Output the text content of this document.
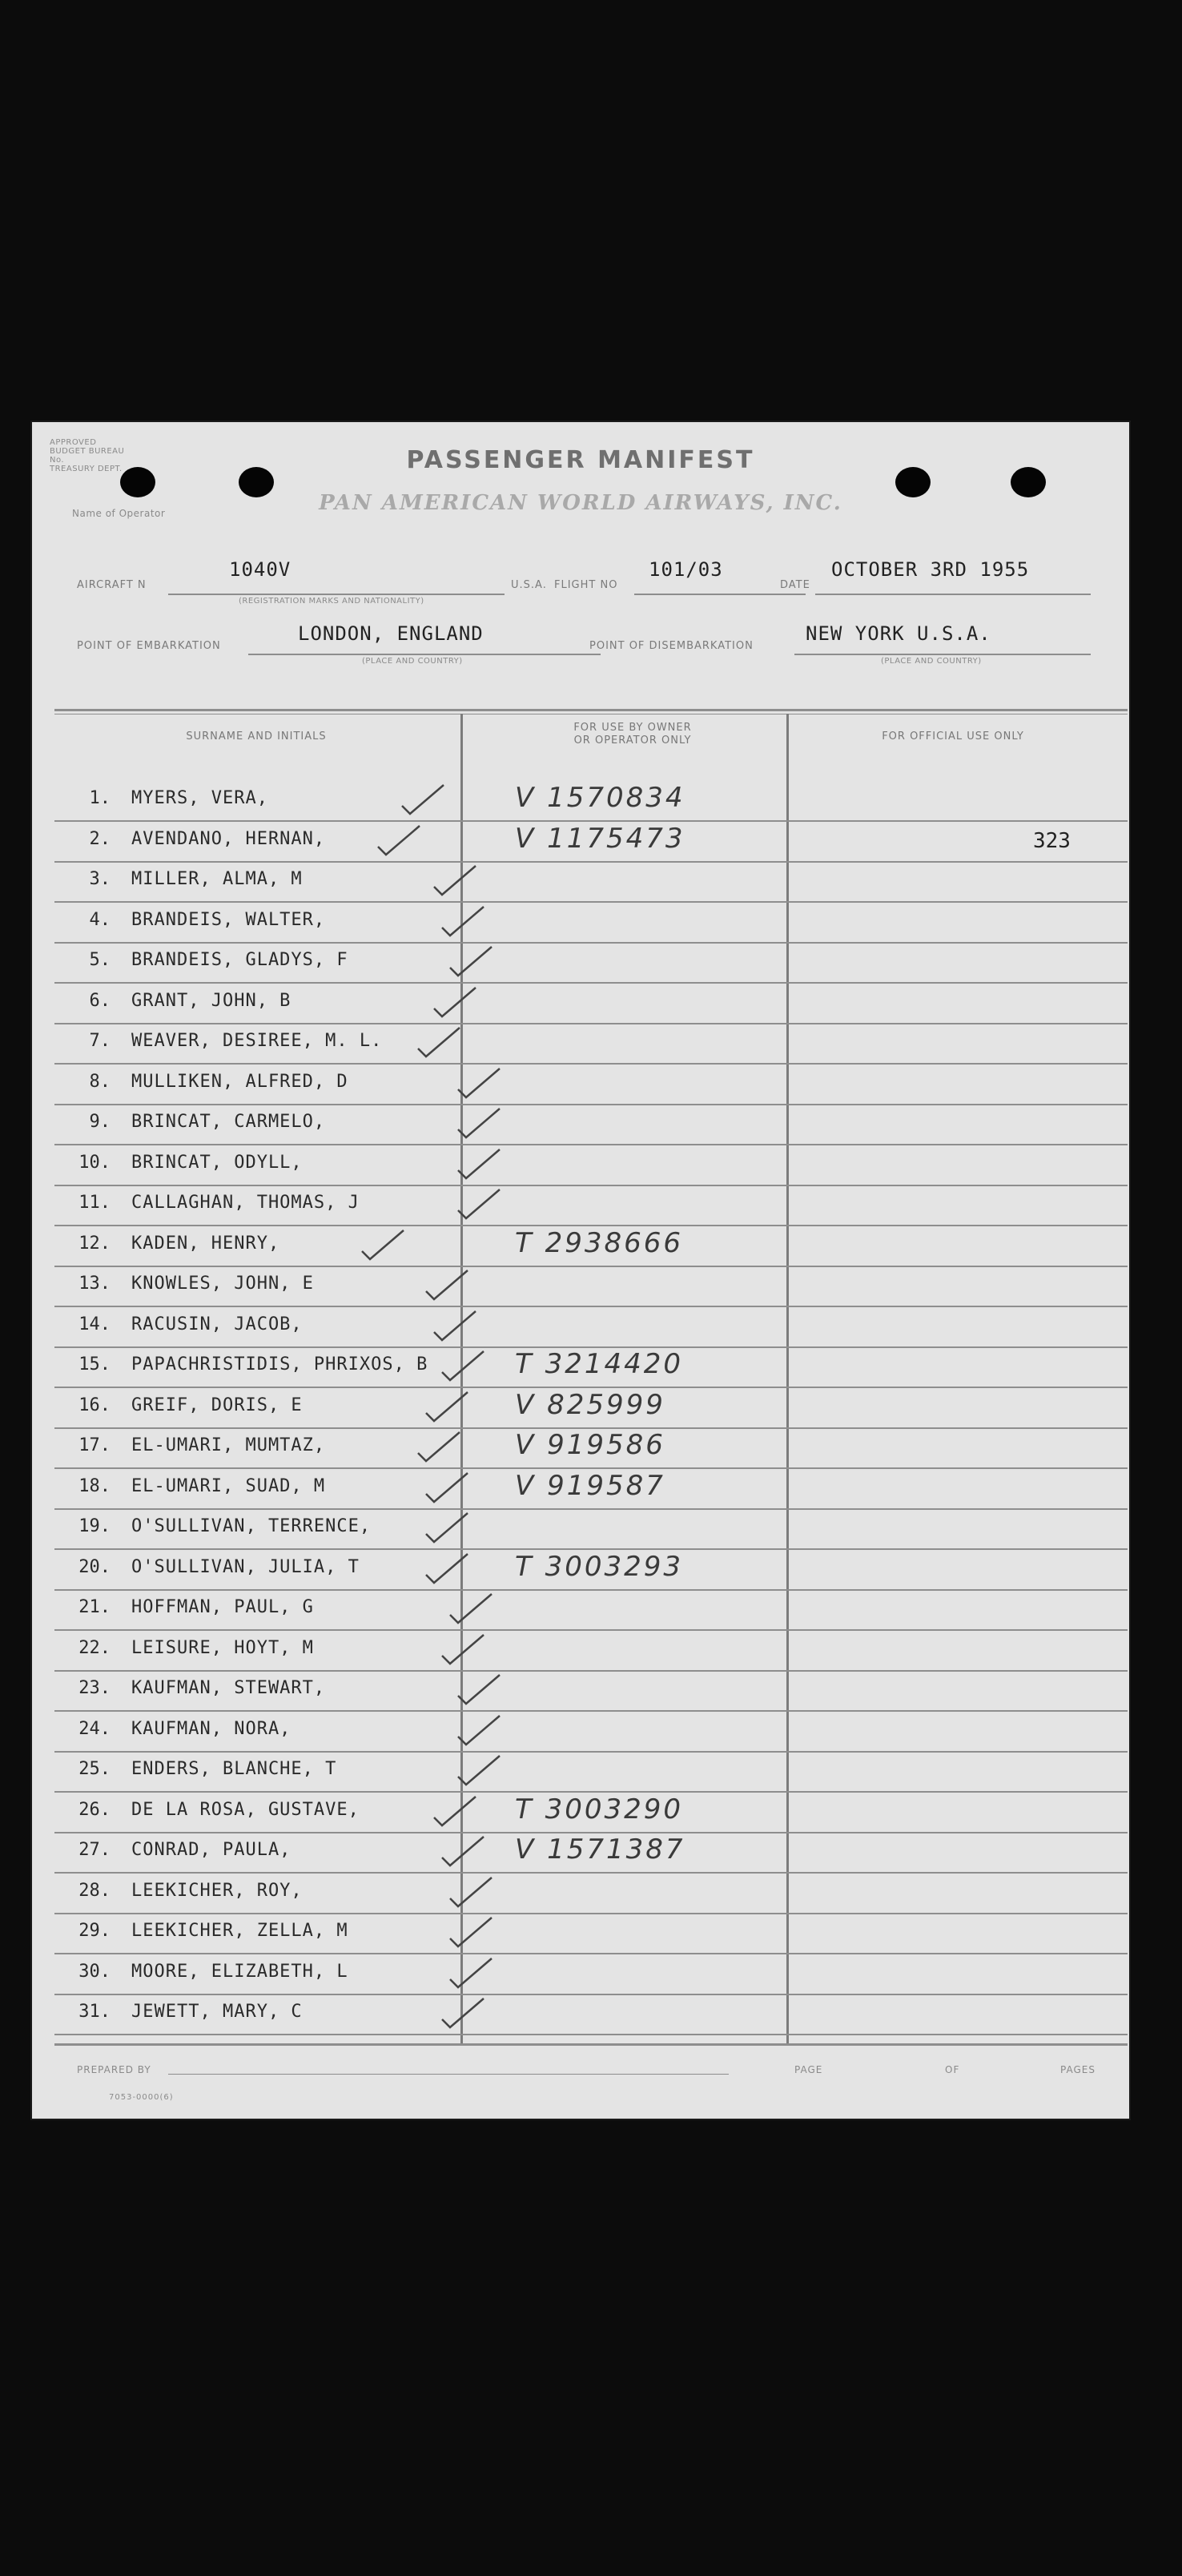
APPROVED
BUDGET BUREAU
No.
TREASURY DEPT.
Name of Operator
PASSENGER MANIFEST
PAN AMERICAN WORLD AIRWAYS, INC.
AIRCRAFT N
1040V
(REGISTRATION MARKS AND NATIONALITY)
U.S.A. FLIGHT NO
101/03
DATE
OCTOBER 3RD 1955
POINT OF EMBARKATION
LONDON, ENGLAND
(PLACE AND COUNTRY)
POINT OF DISEMBARKATION
NEW YORK U.S.A.
(PLACE AND COUNTRY)
SURNAME AND INITIALS
FOR USE BY OWNER
OR OPERATOR ONLY	FOR OFFICIAL USE ONLY
1. MYERS, VERA,	V 1570834
2. AVENDANO, HERNAN,	V 1175473	323
3. MILLER, ALMA, M
4. BRANDEIS, WALTER,
5. BRANDEIS, GLADYS, F
6. GRANT, JOHN, B
7. WEAVER, DESIREE, M. L.
8. MULLIKEN, ALFRED, D
9. BRINCAT, CARMELO,
10. BRINCAT, ODYLL,
11. CALLAGHAN, THOMAS, J
12. KADEN, HENRY,	T 2938666
13. KNOWLES, JOHN, E
14. RACUSIN, JACOB,
15. PAPACHRISTIDIS, PHRIXOS, B	T 3214420
16. GREIF, DORIS, E	V 825999
17. EL-UMARI, MUMTAZ,	V 919586
18. EL-UMARI, SUAD, M	V 919587
19. O'SULLIVAN, TERRENCE,
20. O'SULLIVAN, JULIA, T	T 3003293
21. HOFFMAN, PAUL, G
22. LEISURE, HOYT, M
23. KAUFMAN, STEWART,
24. KAUFMAN, NORA,
25. ENDERS, BLANCHE, T
26. DE LA ROSA, GUSTAVE,	T 3003290
27. CONRAD, PAULA,	V 1571387
28. LEEKICHER, ROY,
29. LEEKICHER, ZELLA, M
30. MOORE, ELIZABETH, L
31. JEWETT, MARY, C
PREPARED BY	PAGE	OF	PAGES
7053-0000(6)
